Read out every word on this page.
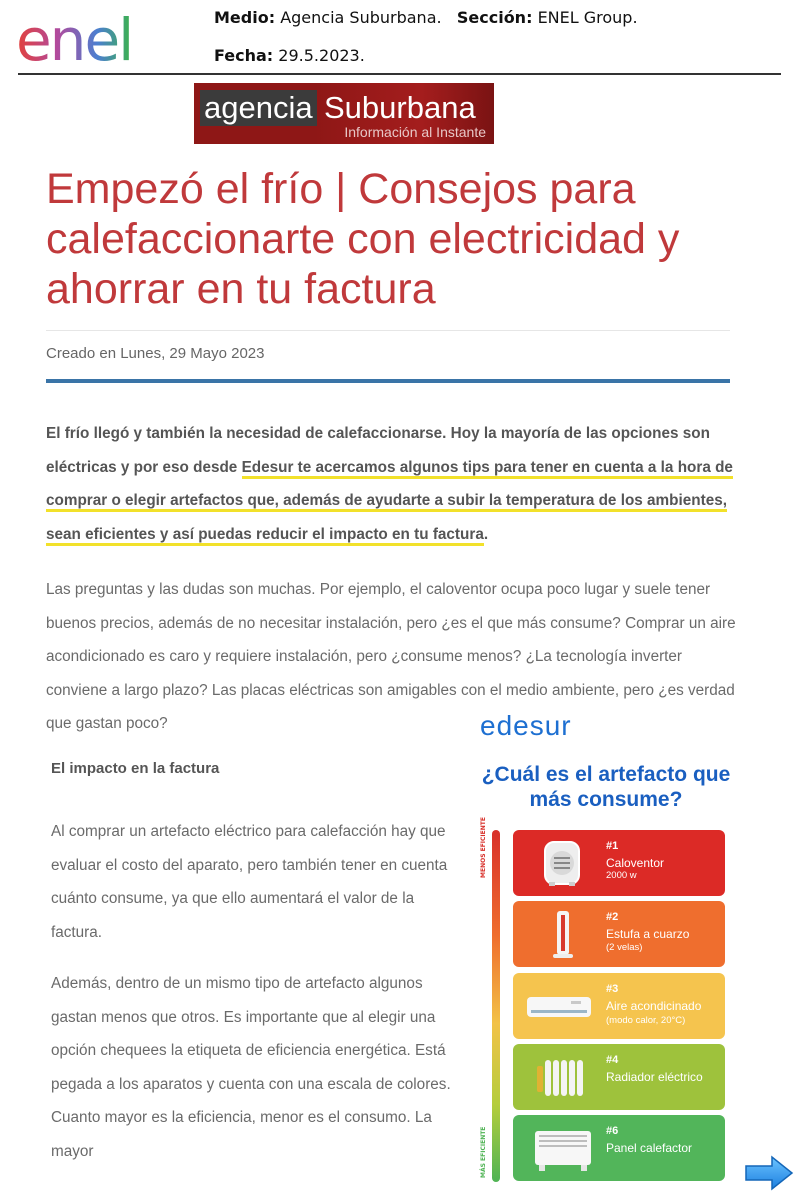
enel	Medio: Agencia Suburbana. Sección: ENEL Group.
Fecha: 29.5.2023.
agencia Suburbana
Información al Instante
Empezó el frío | Consejos para calefaccionarte con electricidad y ahorrar en tu factura
Creado en Lunes, 29 Mayo 2023

El frío llegó y también la necesidad de calefaccionarse. Hoy la mayoría de las opciones son eléctricas y por eso desde Edesur te acercamos algunos tips para tener en cuenta a la hora de comprar o elegir artefactos que, además de ayudarte a subir la temperatura de los ambientes, sean eficientes y así puedas reducir el impacto en tu factura.

Las preguntas y las dudas son muchas. Por ejemplo, el caloventor ocupa poco lugar y suele tener buenos precios, además de no necesitar instalación, pero ¿es el que más consume? Comprar un aire acondicionado es caro y requiere instalación, pero ¿consume menos? ¿La tecnología inverter conviene a largo plazo? Las placas eléctricas son amigables con el medio ambiente, pero ¿es verdad que gastan poco?

El impacto en la factura

Al comprar un artefacto eléctrico para calefacción hay que evaluar el costo del aparato, pero también tener en cuenta cuánto consume, ya que ello aumentará el valor de la factura.

Además, dentro de un mismo tipo de artefacto algunos gastan menos que otros. Es importante que al elegir una opción chequees la etiqueta de eficiencia energética. Está pegada a los aparatos y cuenta con una escala de colores. Cuanto mayor es la eficiencia, menor es el consumo. La mayor

edesur
¿Cuál es el artefacto que más consume?
MENOS EFICIENTE
MÁS EFICIENTE
#1
Caloventor
2000 w
#2
Estufa a cuarzo
(2 velas)
#3
Aire acondicinado
(modo calor, 20°C)
#4
Radiador eléctrico
#6
Panel calefactor
